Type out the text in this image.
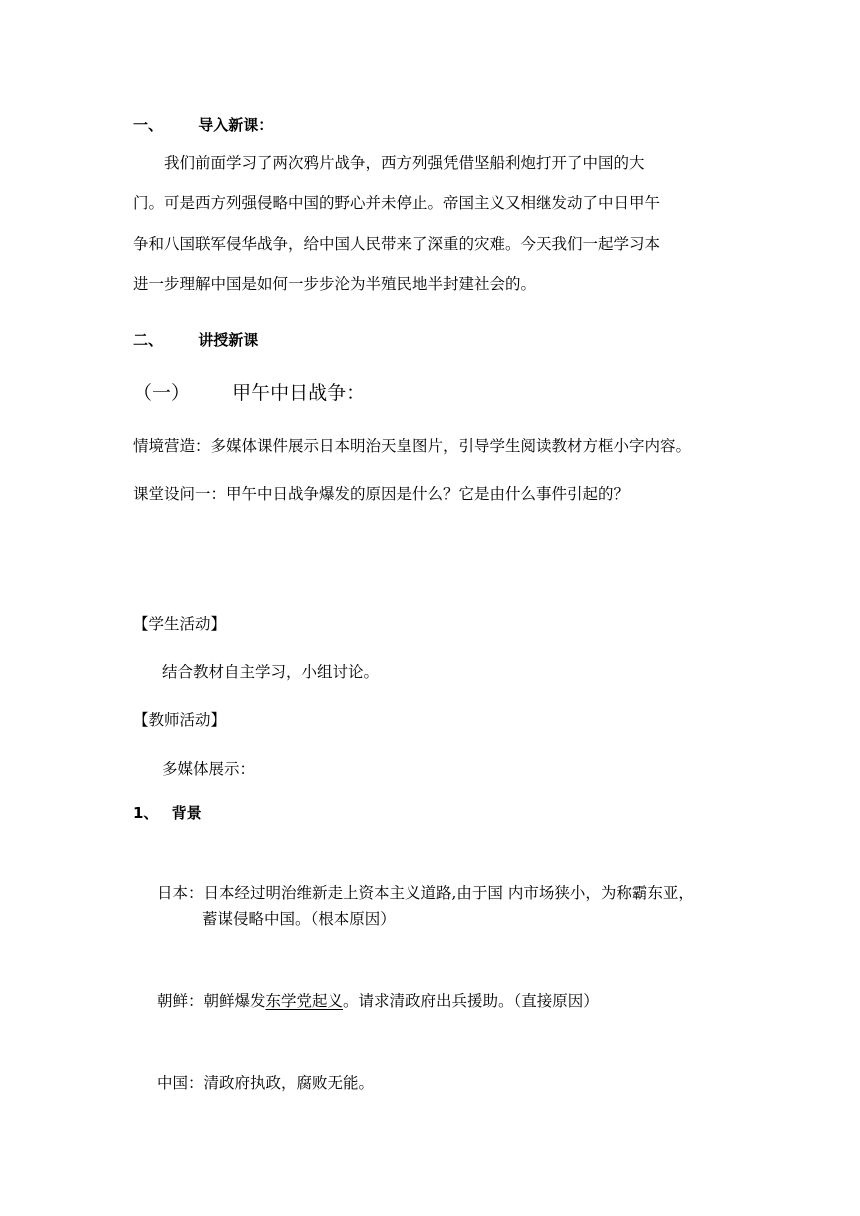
一、 导入新课：
我们前面学习了两次鸦片战争，西方列强凭借坚船利炮打开了中国的大
门。可是西方列强侵略中国的野心并未停止。帝国主义又相继发动了中日甲午
争和八国联军侵华战争，给中国人民带来了深重的灾难。今天我们一起学习本
进一步理解中国是如何一步步沦为半殖民地半封建社会的。
二、 讲授新课
（一） 甲午中日战争：
情境营造：多媒体课件展示日本明治天皇图片，引导学生阅读教材方框小字内容。
课堂设问一：甲午中日战争爆发的原因是什么？它是由什么事件引起的？
【学生活动】
结合教材自主学习，小组讨论。
【教师活动】
多媒体展示：
1、 背景
日本：日本经过明治维新走上资本主义道路,由于国 内市场狭小，为称霸东亚，
蓄谋侵略中国。（根本原因）
朝鲜：朝鲜爆发东学党起义。请求清政府出兵援助。（直接原因）
中国：清政府执政，腐败无能。
